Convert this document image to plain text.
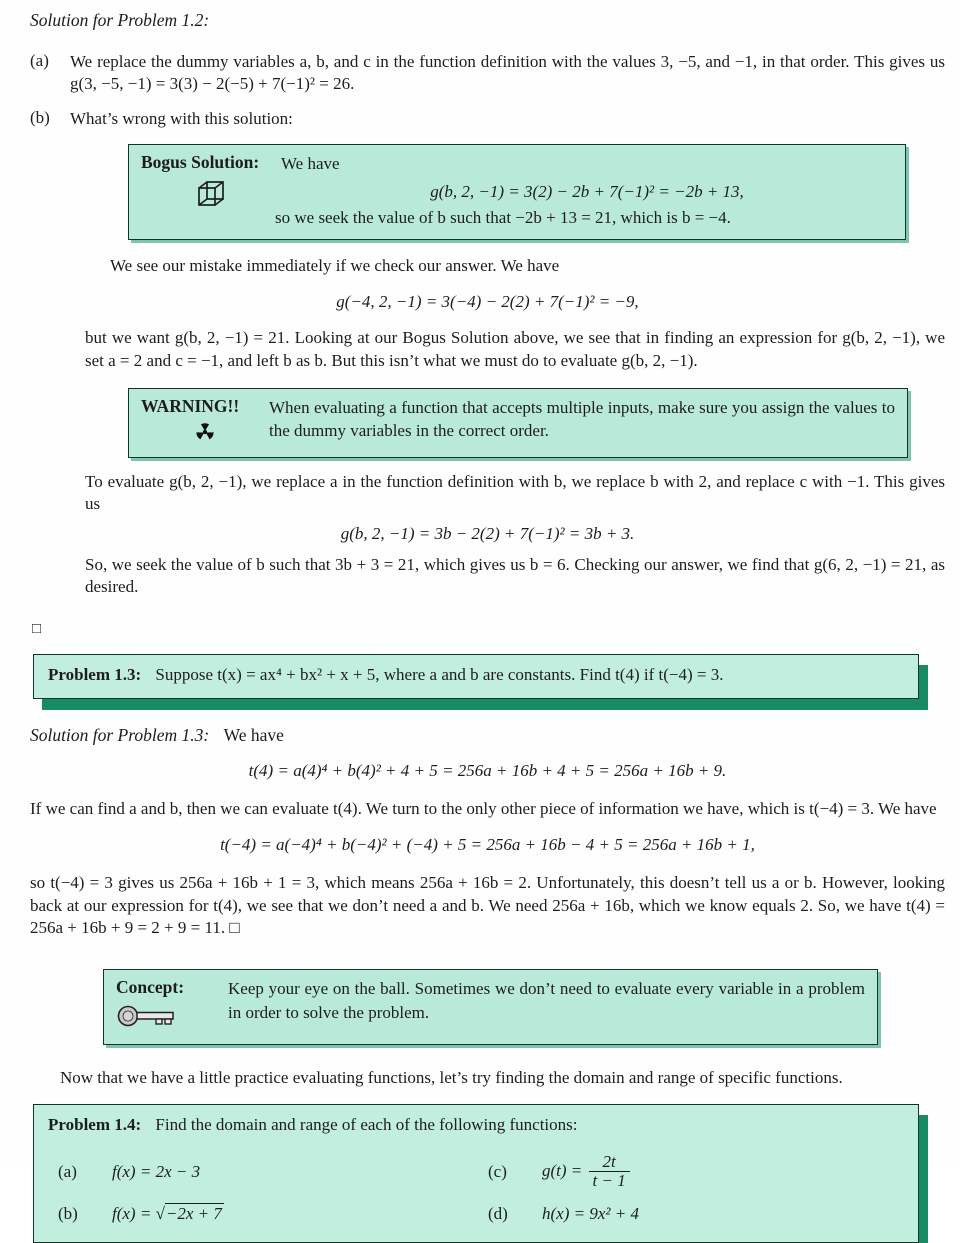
Solution for Problem 1.2:
(a)	We replace the dummy variables a, b, and c in the function definition with the values 3, −5, and −1, in that order. This gives us g(3, −5, −1) = 3(3) − 2(−5) + 7(−1)² = 26.
(b)	What’s wrong with this solution:
Bogus Solution:	We have
g(b, 2, −1) = 3(2) − 2b + 7(−1)² = −2b + 13,
so we seek the value of b such that −2b + 13 = 21, which is b = −4.

We see our mistake immediately if we check our answer. We have

g(−4, 2, −1) = 3(−4) − 2(2) + 7(−1)² = −9,

but we want g(b, 2, −1) = 21. Looking at our Bogus Solution above, we see that in finding an expression for g(b, 2, −1), we set a = 2 and c = −1, and left b as b. But this isn’t what we must do to evaluate g(b, 2, −1).

WARNING!!	When evaluating a function that accepts multiple inputs, make sure you assign the values to the dummy variables in the correct order.

To evaluate g(b, 2, −1), we replace a in the function definition with b, we replace b with 2, and replace c with −1. This gives us

g(b, 2, −1) = 3b − 2(2) + 7(−1)² = 3b + 3.

So, we seek the value of b such that 3b + 3 = 21, which gives us b = 6. Checking our answer, we find that g(6, 2, −1) = 21, as desired.

□
Problem 1.3: Suppose t(x) = ax⁴ + bx² + x + 5, where a and b are constants. Find t(4) if t(−4) = 3.
Solution for Problem 1.3: We have
t(4) = a(4)⁴ + b(4)² + 4 + 5 = 256a + 16b + 4 + 5 = 256a + 16b + 9.

If we can find a and b, then we can evaluate t(4). We turn to the only other piece of information we have, which is t(−4) = 3. We have

t(−4) = a(−4)⁴ + b(−4)² + (−4) + 5 = 256a + 16b − 4 + 5 = 256a + 16b + 1,

so t(−4) = 3 gives us 256a + 16b + 1 = 3, which means 256a + 16b = 2. Unfortunately, this doesn’t tell us a or b. However, looking back at our expression for t(4), we see that we don’t need a and b. We need 256a + 16b, which we know equals 2. So, we have t(4) = 256a + 16b + 9 = 2 + 9 = 11. □

Concept:	Keep your eye on the ball. Sometimes we don’t need to evaluate every variable in a problem in order to solve the problem.

Now that we have a little practice evaluating functions, let’s try finding the domain and range of specific functions.

Problem 1.4: Find the domain and range of each of the following functions:
(a)	f(x) = 2x − 3	(c)	$g(t) = \frac{2t}{t - 1}$
(b)	f(x) = √−2x + 7	(d)	h(x) = 9x² + 4
